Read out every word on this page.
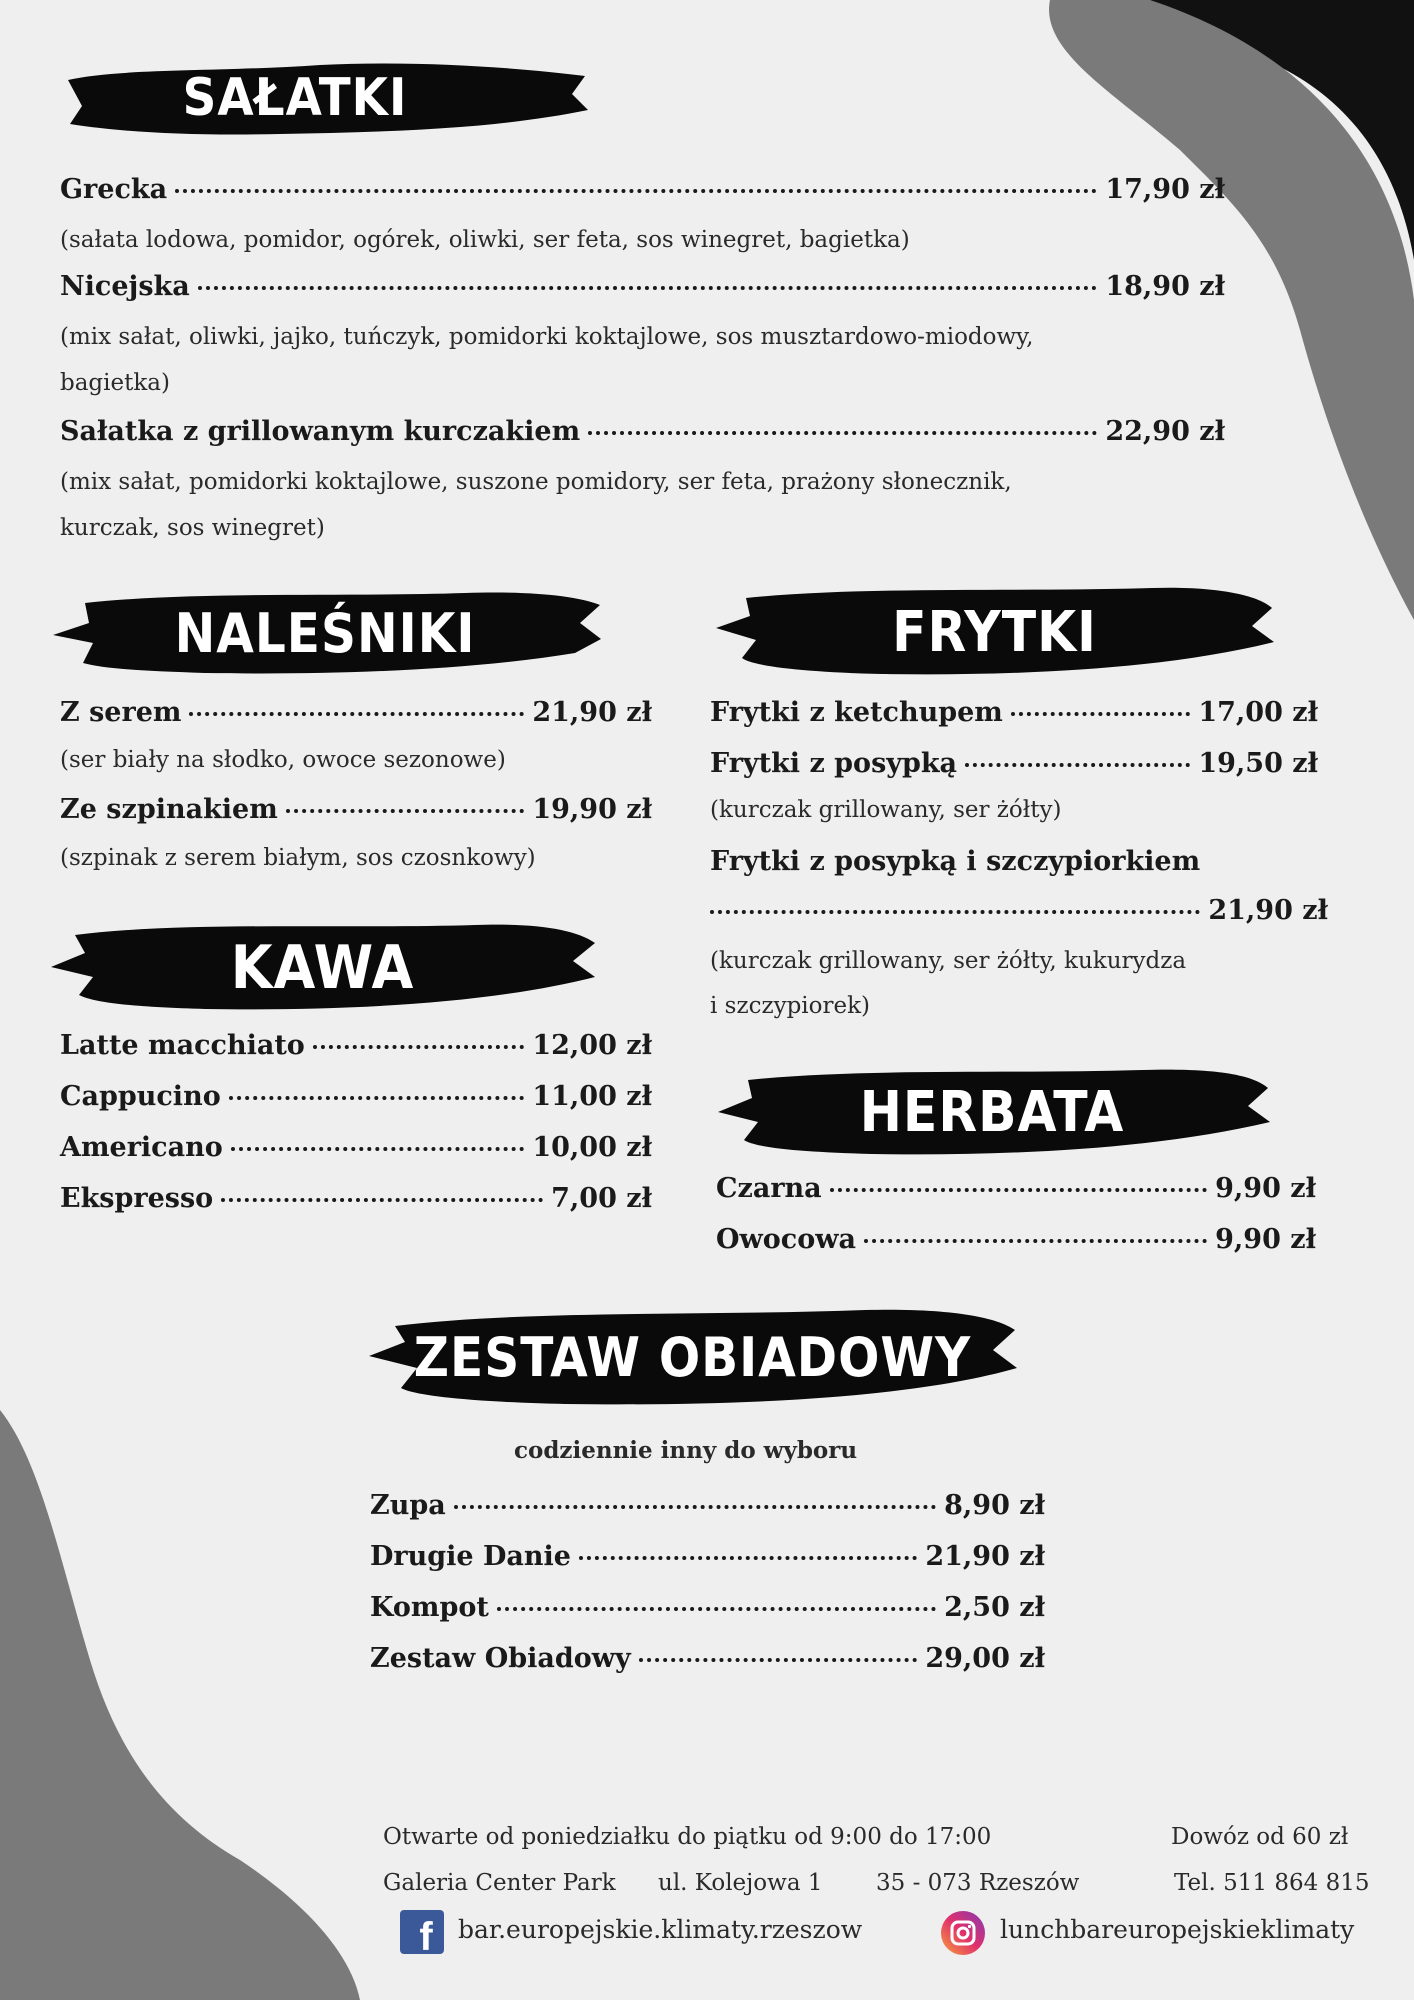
SAŁATKI
Grecka	17,90 zł
(sałata lodowa, pomidor, ogórek, oliwki, ser feta, sos winegret, bagietka)
Nicejska	18,90 zł
(mix sałat, oliwki, jajko, tuńczyk, pomidorki koktajlowe, sos musztardowo-miodowy,
bagietka)
Sałatka z grillowanym kurczakiem	22,90 zł
(mix sałat, pomidorki koktajlowe, suszone pomidory, ser feta, prażony słonecznik,
kurczak, sos winegret)
NALEŚNIKI
Z serem	21,90 zł
(ser biały na słodko, owoce sezonowe)
Ze szpinakiem	19,90 zł
(szpinak z serem białym, sos czosnkowy)
KAWA
Latte macchiato	12,00 zł
Cappucino	11,00 zł
Americano	10,00 zł
Ekspresso	7,00 zł
FRYTKI
Frytki z ketchupem	17,00 zł
Frytki z posypką	19,50 zł
(kurczak grillowany, ser żółty)
Frytki z posypką i szczypiorkiem
21,90 zł
(kurczak grillowany, ser żółty, kukurydza
i szczypiorek)
HERBATA
Czarna	9,90 zł
Owocowa	9,90 zł
ZESTAW OBIADOWY
codziennie inny do wyboru
Zupa	8,90 zł
Drugie Danie	21,90 zł
Kompot	2,50 zł
Zestaw Obiadowy	29,00 zł
Otwarte od poniedziałku do piątku od 9:00 do 17:00	Dowóz od 60 zł
Galeria Center Park ul. Kolejowa 1 35 - 073 Rzeszów	Tel. 511 864 815
f bar.europejskie.klimaty.rzeszow	lunchbareuropejskieklimaty
